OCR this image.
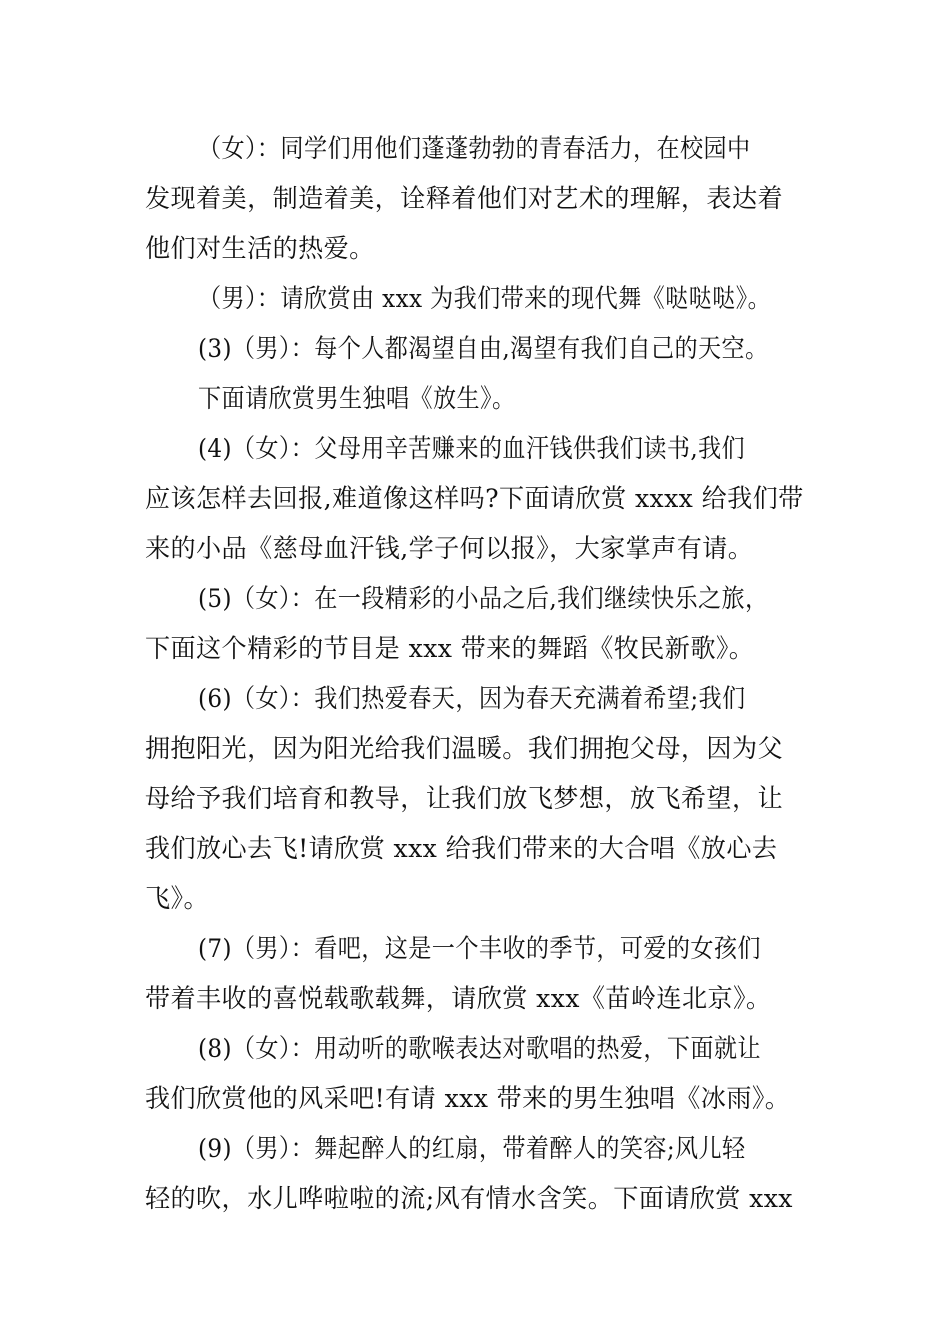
（女）：同学们用他们蓬蓬勃勃的青春活力，在校园中
发现着美，制造着美，诠释着他们对艺术的理解，表达着
他们对生活的热爱。
（男）：请欣赏由 xxx 为我们带来的现代舞《哒哒哒》。
(3)（男）：每个人都渴望自由,渴望有我们自己的天空。
下面请欣赏男生独唱《放生》。
(4)（女）：父母用辛苦赚来的血汗钱供我们读书,我们
应该怎样去回报,难道像这样吗?下面请欣赏 xxxx 给我们带
来的小品《慈母血汗钱,学子何以报》，大家掌声有请。
(5)（女）：在一段精彩的小品之后,我们继续快乐之旅，
下面这个精彩的节目是 xxx 带来的舞蹈《牧民新歌》。
(6)（女）：我们热爱春天，因为春天充满着希望;我们
拥抱阳光，因为阳光给我们温暖。我们拥抱父母，因为父
母给予我们培育和教导，让我们放飞梦想，放飞希望，让
我们放心去飞!请欣赏 xxx 给我们带来的大合唱《放心去
飞》。
(7)（男）：看吧，这是一个丰收的季节，可爱的女孩们
带着丰收的喜悦载歌载舞，请欣赏 xxx《苗岭连北京》。
(8)（女）：用动听的歌喉表达对歌唱的热爱，下面就让
我们欣赏他的风采吧!有请 xxx 带来的男生独唱《冰雨》。
(9)（男）：舞起醉人的红扇，带着醉人的笑容;风儿轻
轻的吹，水儿哗啦啦的流;风有情水含笑。下面请欣赏 xxx
